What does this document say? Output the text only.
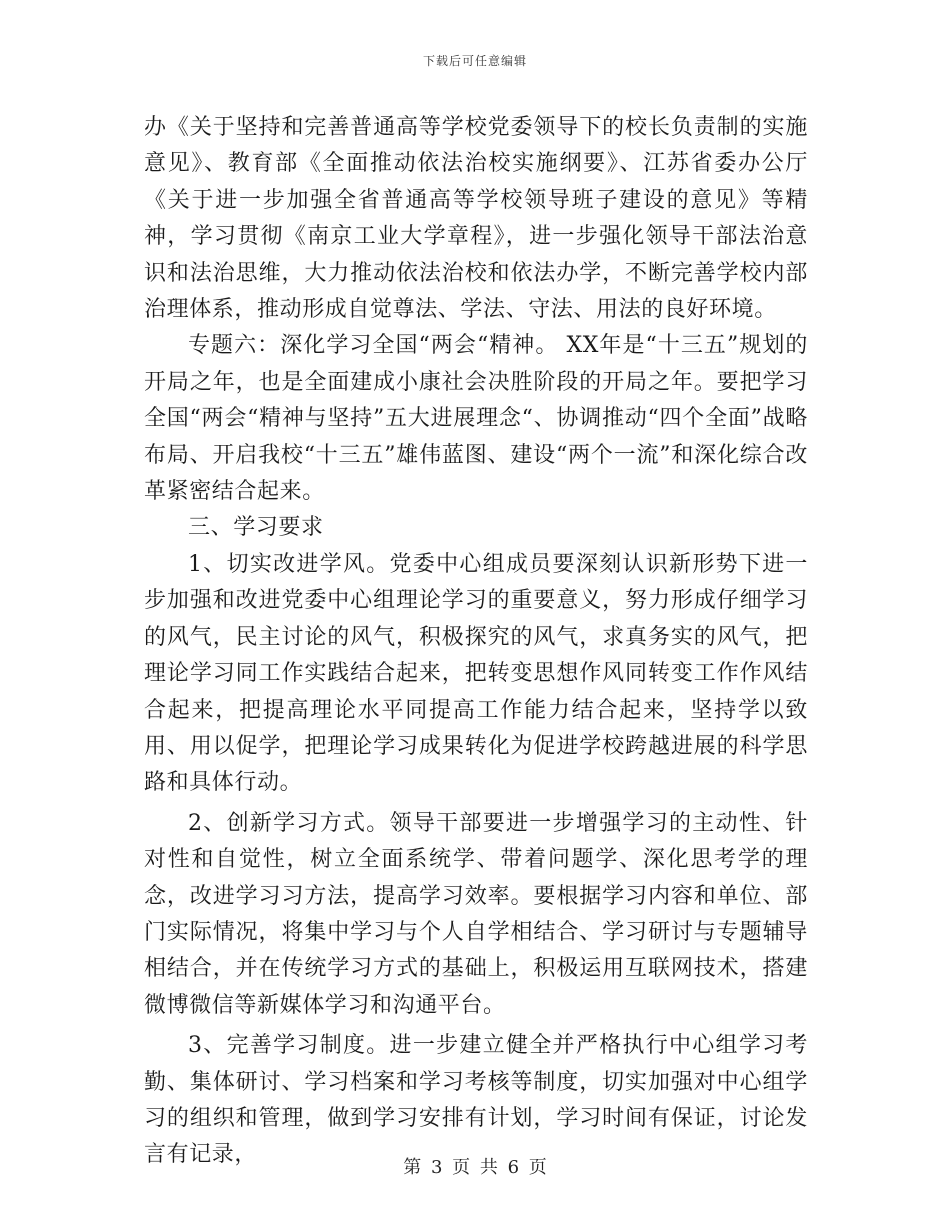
下载后可任意编辑

办《关于坚持和完善普通高等学校党委领导下的校长负责制的实施意见》、教育部《全面推动依法治校实施纲要》、江苏省委办公厅《关于进一步加强全省普通高等学校领导班子建设的意见》等精神，学习贯彻《南京工业大学章程》，进一步强化领导干部法治意识和法治思维，大力推动依法治校和依法办学，不断完善学校内部治理体系，推动形成自觉尊法、学法、守法、用法的良好环境。

专题六：深化学习全国“两会“精神。 XX年是“十三五”规划的开局之年，也是全面建成小康社会决胜阶段的开局之年。要把学习全国“两会“精神与坚持”五大进展理念“、协调推动“四个全面”战略布局、开启我校“十三五”雄伟蓝图、建设“两个一流”和深化综合改革紧密结合起来。

三、学习要求

1、切实改进学风。党委中心组成员要深刻认识新形势下进一步加强和改进党委中心组理论学习的重要意义，努力形成仔细学习的风气，民主讨论的风气，积极探究的风气，求真务实的风气，把理论学习同工作实践结合起来，把转变思想作风同转变工作作风结合起来，把提高理论水平同提高工作能力结合起来，坚持学以致用、用以促学，把理论学习成果转化为促进学校跨越进展的科学思路和具体行动。

2、创新学习方式。领导干部要进一步增强学习的主动性、针对性和自觉性，树立全面系统学、带着问题学、深化思考学的理念，改进学习习方法，提高学习效率。要根据学习内容和单位、部门实际情况，将集中学习与个人自学相结合、学习研讨与专题辅导相结合，并在传统学习方式的基础上，积极运用互联网技术，搭建微博微信等新媒体学习和沟通平台。

3、完善学习制度。进一步建立健全并严格执行中心组学习考勤、集体研讨、学习档案和学习考核等制度，切实加强对中心组学习的组织和管理，做到学习安排有计划，学习时间有保证，讨论发言有记录，

第 3 页 共 6 页
